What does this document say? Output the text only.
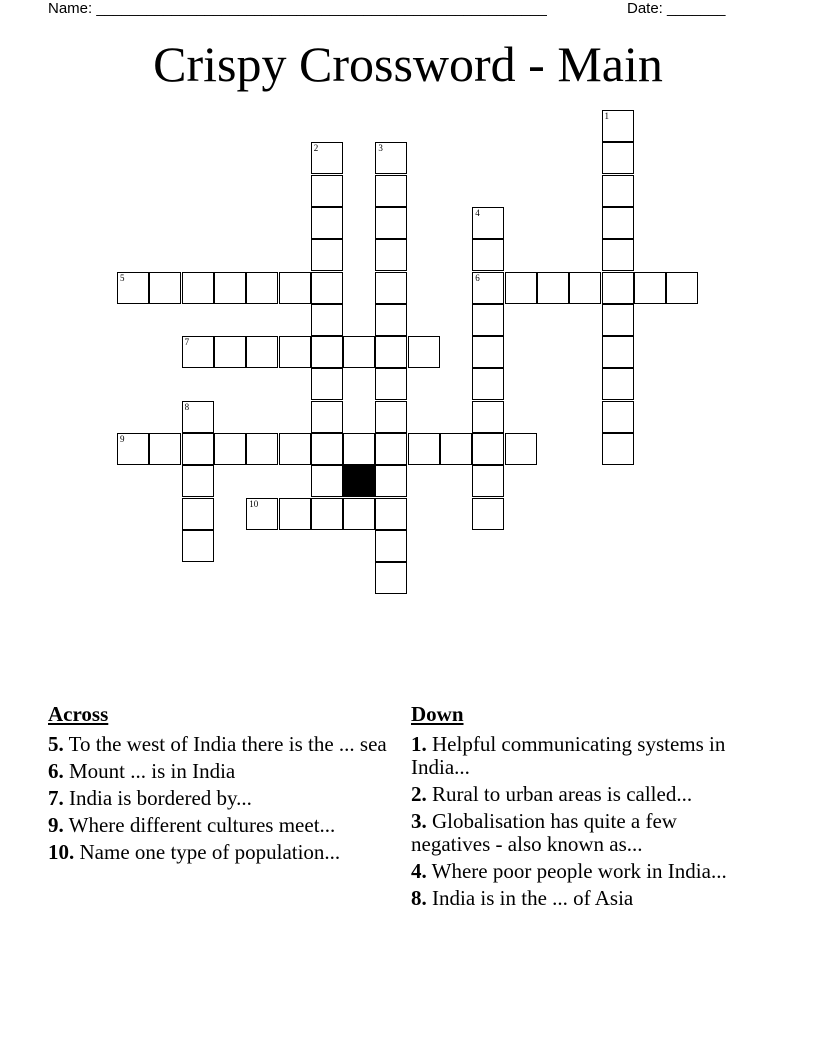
Name: ______________________________________________________	Date: _______
Crispy Crossword - Main
1
2	3
4
6
5
7
8
9
10
Across
5. To the west of India there is the ... sea
6. Mount ... is in India
7. India is bordered by...
9. Where different cultures meet...
10. Name one type of population...
Down
1. Helpful communicating systems in India...
2. Rural to urban areas is called...
3. Globalisation has quite a few negatives - also known as...
4. Where poor people work in India...
8. India is in the ... of Asia
